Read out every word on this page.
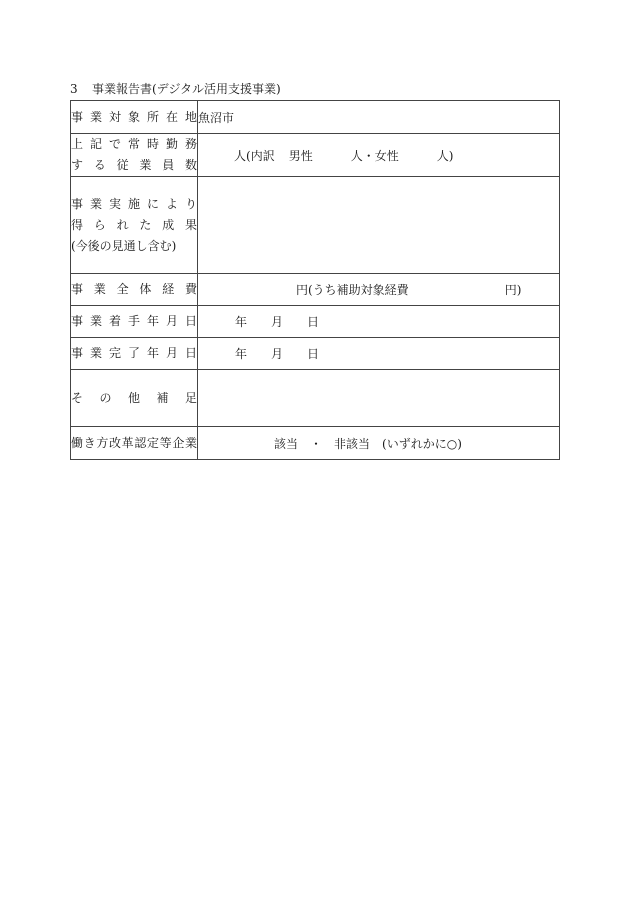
3 事業報告書(デジタル活用支援事業)
事業対象所在地	魚沼市

上記で常時勤務
する従業員数	人(内訳 男性 人・女性 人)

事業実施により
得られた成果
(今後の見通し含む)	

事業全体経費	円(うち補助対象経費 円)

事業着手年月日	年 月 日

事業完了年月日	年 月 日

その他補足	

働き方改革認定等企業	該当 ・ 非該当 (いずれかに○)
